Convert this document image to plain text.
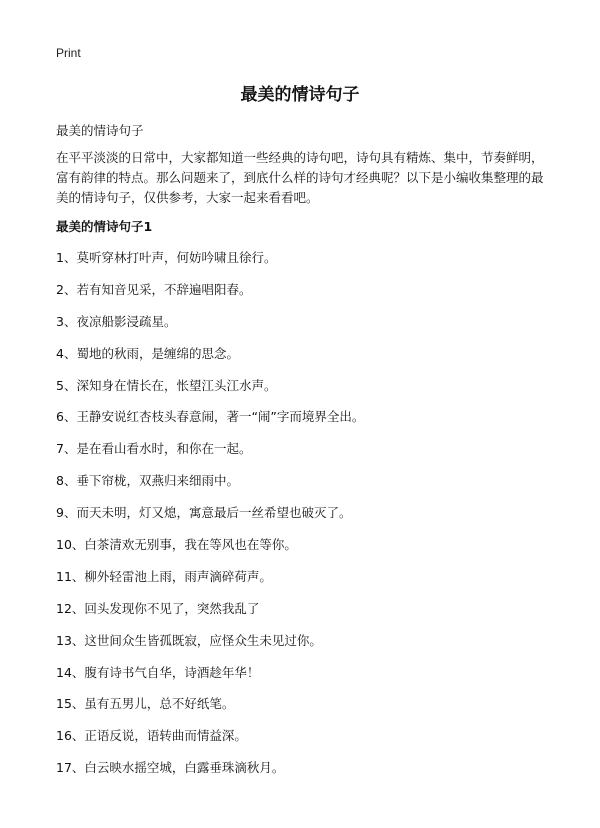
Print
最美的情诗句子
最美的情诗句子
在平平淡淡的日常中，大家都知道一些经典的诗句吧，诗句具有精炼、集中，节奏鲜明，富有韵律的特点。那么问题来了，到底什么样的诗句才经典呢？以下是小编收集整理的最美的情诗句子，仅供参考，大家一起来看看吧。
最美的情诗句子1
1、莫听穿林打叶声，何妨吟啸且徐行。
2、若有知音见采，不辞遍唱阳春。
3、夜凉船影浸疏星。
4、蜀地的秋雨，是缠绵的思念。
5、深知身在情长在，怅望江头江水声。
6、王静安说红杏枝头春意闹，著一“闹”字而境界全出。
7、是在看山看水时，和你在一起。
8、垂下帘栊，双燕归来细雨中。
9、而天未明，灯又熄，寓意最后一丝希望也破灭了。
10、白茶清欢无别事，我在等风也在等你。
11、柳外轻雷池上雨，雨声滴碎荷声。
12、回头发现你不见了，突然我乱了
13、这世间众生皆孤既寂，应怪众生未见过你。
14、腹有诗书气自华，诗酒趁年华！
15、虽有五男儿，总不好纸笔。
16、正语反说，语转曲而情益深。
17、白云映水摇空城，白露垂珠滴秋月。
